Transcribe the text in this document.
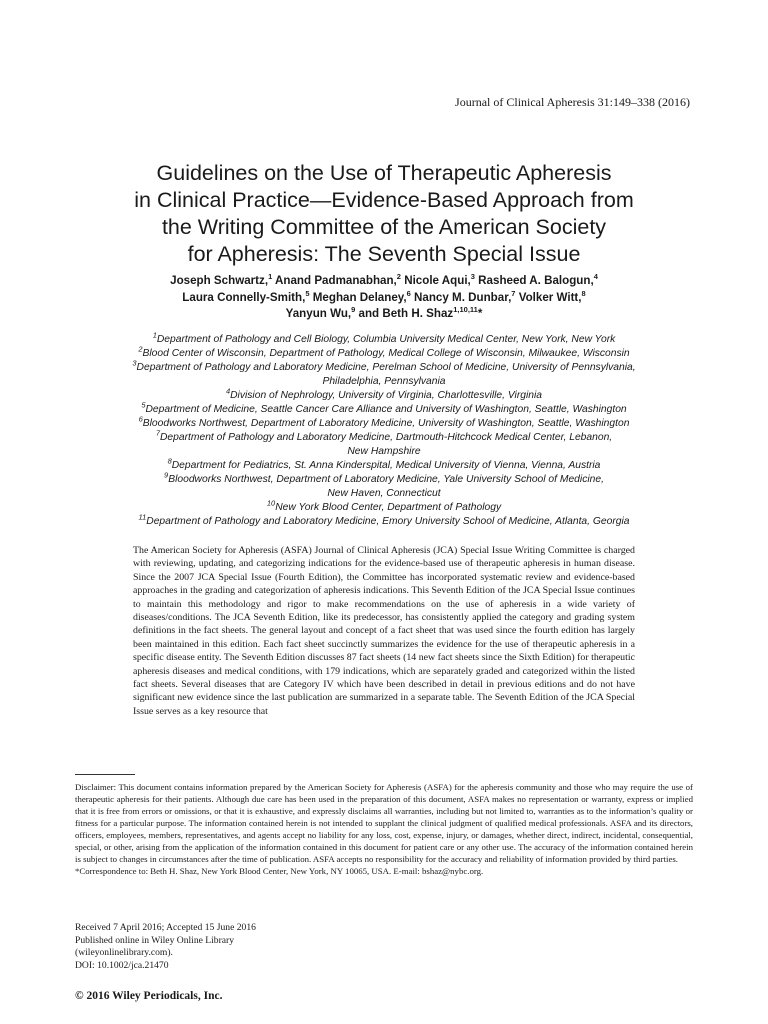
Journal of Clinical Apheresis 31:149–338 (2016)
Guidelines on the Use of Therapeutic Apheresis
in Clinical Practice—Evidence-Based Approach from
the Writing Committee of the American Society
for Apheresis: The Seventh Special Issue
Joseph Schwartz,$^1$ Anand Padmanabhan,$^2$ Nicole Aqui,$^3$ Rasheed A. Balogun,$^4$
Laura Connelly-Smith,$^5$ Meghan Delaney,$^6$ Nancy M. Dunbar,$^7$ Volker Witt,$^8$
Yanyun Wu,$^9$ and Beth H. Shaz$^{1,10,11}$*
$^1$Department of Pathology and Cell Biology, Columbia University Medical Center, New York, New York
$^2$Blood Center of Wisconsin, Department of Pathology, Medical College of Wisconsin, Milwaukee, Wisconsin
$^3$Department of Pathology and Laboratory Medicine, Perelman School of Medicine, University of Pennsylvania,
Philadelphia, Pennsylvania
$^4$Division of Nephrology, University of Virginia, Charlottesville, Virginia
$^5$Department of Medicine, Seattle Cancer Care Alliance and University of Washington, Seattle, Washington
$^6$Bloodworks Northwest, Department of Laboratory Medicine, University of Washington, Seattle, Washington
$^7$Department of Pathology and Laboratory Medicine, Dartmouth-Hitchcock Medical Center, Lebanon,
New Hampshire
$^8$Department for Pediatrics, St. Anna Kinderspital, Medical University of Vienna, Vienna, Austria
$^9$Bloodworks Northwest, Department of Laboratory Medicine, Yale University School of Medicine,
New Haven, Connecticut
$^{10}$New York Blood Center, Department of Pathology
$^{11}$Department of Pathology and Laboratory Medicine, Emory University School of Medicine, Atlanta, Georgia
The American Society for Apheresis (ASFA) Journal of Clinical Apheresis (JCA) Special Issue Writing Committee is charged with reviewing, updating, and categorizing indications for the evidence-based use of therapeutic apheresis in human disease. Since the 2007 JCA Special Issue (Fourth Edition), the Committee has incorporated systematic review and evidence-based approaches in the grading and categorization of apheresis indications. This Seventh Edition of the JCA Special Issue continues to maintain this methodology and rigor to make recommendations on the use of apheresis in a wide variety of diseases/conditions. The JCA Seventh Edition, like its predecessor, has consistently applied the category and grading system definitions in the fact sheets. The general layout and concept of a fact sheet that was used since the fourth edition has largely been maintained in this edition. Each fact sheet succinctly summarizes the evidence for the use of therapeutic apheresis in a specific disease entity. The Seventh Edition discusses 87 fact sheets (14 new fact sheets since the Sixth Edition) for therapeutic apheresis diseases and medical conditions, with 179 indications, which are separately graded and categorized within the listed fact sheets. Several diseases that are Category IV which have been described in detail in previous editions and do not have significant new evidence since the last publication are summarized in a separate table. The Seventh Edition of the JCA Special Issue serves as a key resource that
Disclaimer: This document contains information prepared by the American Society for Apheresis (ASFA) for the apheresis community and those who may require the use of therapeutic apheresis for their patients. Although due care has been used in the preparation of this document, ASFA makes no representation or warranty, express or implied that it is free from errors or omissions, or that it is exhaustive, and expressly disclaims all warranties, including but not limited to, warranties as to the information’s quality or fitness for a particular purpose. The information contained herein is not intended to supplant the clinical judgment of qualified medical professionals. ASFA and its directors, officers, employees, members, representatives, and agents accept no liability for any loss, cost, expense, injury, or damages, whether direct, indirect, incidental, consequential, special, or other, arising from the application of the information contained in this document for patient care or any other use. The accuracy of the information contained herein is subject to changes in circumstances after the time of publication. ASFA accepts no responsibility for the accuracy and reliability of information provided by third parties.
*Correspondence to: Beth H. Shaz, New York Blood Center, New York, NY 10065, USA. E-mail: bshaz@nybc.org.
Received 7 April 2016; Accepted 15 June 2016
Published online in Wiley Online Library
(wileyonlinelibrary.com).
DOI: 10.1002/jca.21470
© 2016 Wiley Periodicals, Inc.
